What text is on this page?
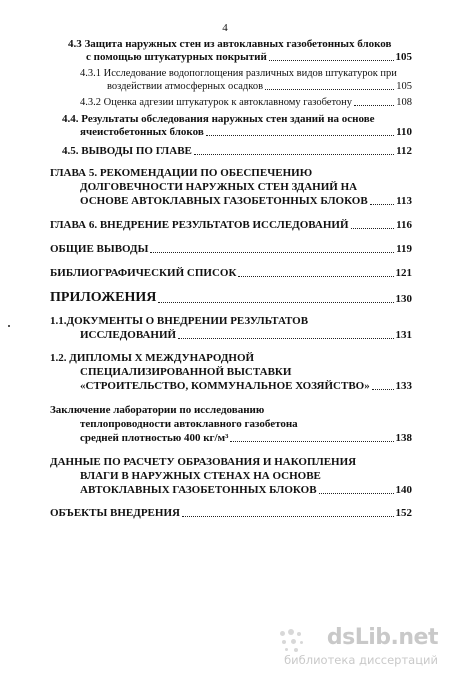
4
4.3 Защита наружных стен из автоклавных газобетонных блоков
с помощью штукатурных покрытий	105
4.3.1 Исследование водопоглощения различных видов штукатурок при
воздействии атмосферных осадков	105
4.3.2 Оценка адгезии штукатурок к автоклавному газобетону	108
4.4. Результаты обследования наружных стен зданий на основе
ячеистобетонных блоков	110
4.5. ВЫВОДЫ ПО ГЛАВЕ	112
ГЛАВА 5. РЕКОМЕНДАЦИИ ПО ОБЕСПЕЧЕНИЮ
ДОЛГОВЕЧНОСТИ НАРУЖНЫХ СТЕН ЗДАНИЙ НА
ОСНОВЕ АВТОКЛАВНЫХ ГАЗОБЕТОННЫХ БЛОКОВ	113
ГЛАВА 6. ВНЕДРЕНИЕ РЕЗУЛЬТАТОВ ИССЛЕДОВАНИЙ	116
ОБЩИЕ ВЫВОДЫ	119
БИБЛИОГРАФИЧЕСКИЙ СПИСОК	121
ПРИЛОЖЕНИЯ	130
1.1.ДОКУМЕНТЫ О ВНЕДРЕНИИ РЕЗУЛЬТАТОВ
ИССЛЕДОВАНИЙ	131
1.2. ДИПЛОМЫ Х МЕЖДУНАРОДНОЙ
СПЕЦИАЛИЗИРОВАННОЙ ВЫСТАВКИ
«СТРОИТЕЛЬСТВО, КОММУНАЛЬНОЕ ХОЗЯЙСТВО» 133
Заключение лаборатории по исследованию
теплопроводности автоклавного газобетона
средней плотностью 400 кг/м³	138
ДАННЫЕ ПО РАСЧЕТУ ОБРАЗОВАНИЯ И НАКОПЛЕНИЯ
ВЛАГИ В НАРУЖНЫХ СТЕНАХ НА ОСНОВЕ
АВТОКЛАВНЫХ ГАЗОБЕТОННЫХ БЛОКОВ	140
ОБЪЕКТЫ ВНЕДРЕНИЯ	152
dsLib.net
библиотека диссертаций
